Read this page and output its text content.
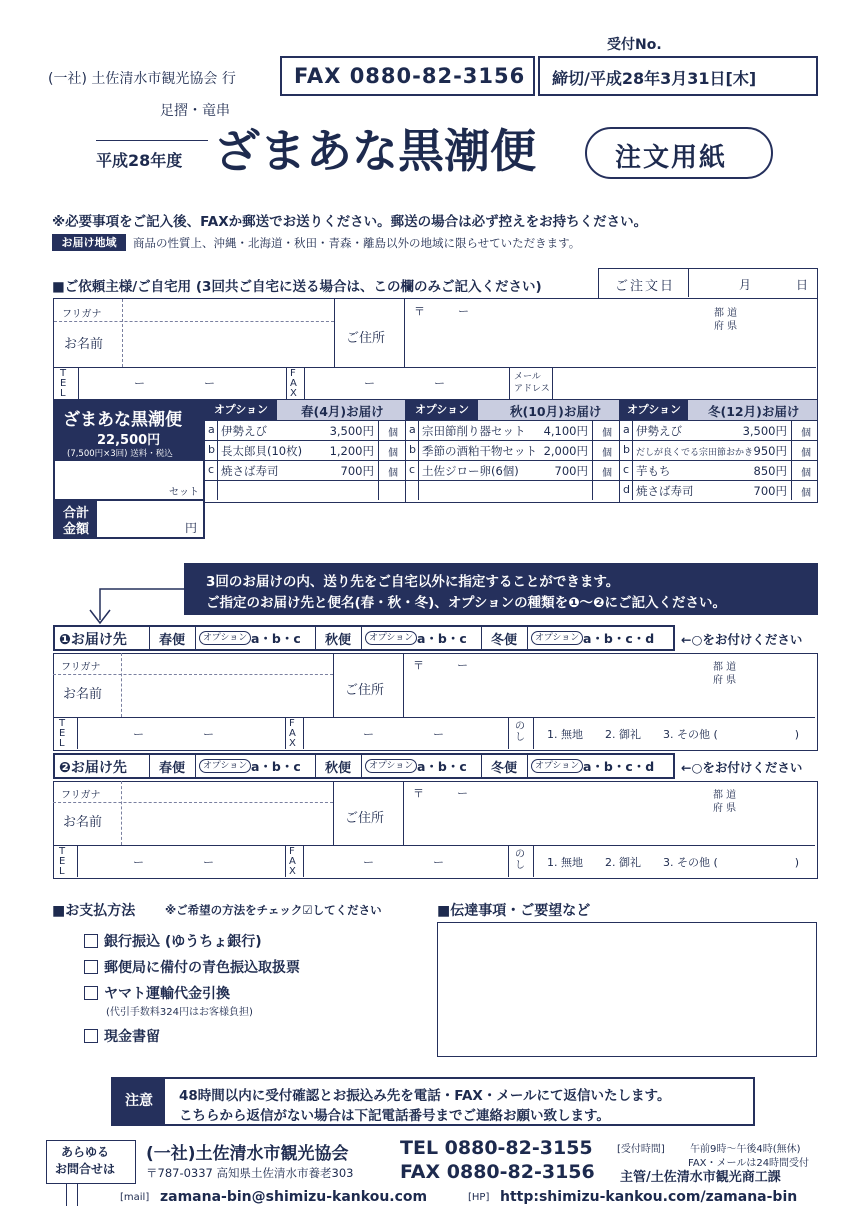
受付No.
(一社) 土佐清水市観光協会 行	FAX 0880-82-3156 締切/平成28年3月31日[木]
足摺・竜串
平成28年度 ざまあな黒潮便	注文用紙
※必要事項をご記入後、FAXか郵送でお送りください。郵送の場合は必ず控えをお持ちください。
お届け地域	商品の性質上、沖縄・北海道・秋田・青森・離島以外の地域に限らせていただきます。
■ご依頼主様/ご自宅用 (3回共ご自宅に送る場合は、この欄のみご記入ください)	ご注文日	月	日
フリガナ
お名前	ご住所
〒　　　ー	都 道
府 県
T E L
ー	ー
F A X
ー	ー	メール
アドレス
ざまあな黒潮便
22,500円
(7,500円×3回) 送料・税込
セット
合計
金額	円
オプション	春(4月)お届け
a 伊勢えび	3,500円 個
b 長太郎貝(10枚) 1,200円 個
c 焼さば寿司	700円 個
オプション	秋(10月)お届け
a 宗田節削り器セット 4,100円 個
b 季節の酒粕干物セット 2,000円 個
c 土佐ジロー卵(6個)	700円 個
オプション	冬(12月)お届け
a 伊勢えび	3,500円 個
b だしが良くでる宗田節おかき 950円 個
c 芋もち	850円 個
d 焼さば寿司	700円 個
3回のお届けの内、送り先をご自宅以外に指定することができます。
ご指定のお届け先と便名(春・秋・冬)、オプションの種類を❶〜❷にご記入ください。
❶お届け先 春便	オプション a・b・c 秋便	オプション a・b・c 冬便	オプション a・b・c・d ←○をお付けください
フリガナ
お名前	ご住所
〒　　　ー	都 道
府 県
T E L
ー	ー
F A X
ー	ー
のし 1. 無地　　2. 御礼　　3. その他 (　　　　　　　)
❷お届け先 春便	オプション a・b・c 秋便	オプション a・b・c 冬便	オプション a・b・c・d ←○をお付けください
フリガナ
お名前	ご住所
〒　　　ー	都 道
府 県
T E L
ー	ー
F A X
ー	ー
のし 1. 無地　　2. 御礼　　3. その他 (　　　　　　　)
■お支払方法	※ご希望の方法をチェック☑してください
銀行振込 (ゆうちょ銀行)
郵便局に備付の青色振込取扱票
ヤマト運輸代金引換
(代引手数料324円はお客様負担)
現金書留
■伝達事項・ご要望など
注意	48時間以内に受付確認とお振込み先を電話・FAX・メールにて返信いたします。
こちらから返信がない場合は下記電話番号までご連絡お願い致します。
あらゆる
お問合せは
(一社)土佐清水市観光協会
〒787-0337 高知県土佐清水市養老303
TEL 0880-82-3155
FAX 0880-82-3156
[受付時間]	午前9時〜午後4時(無休)
FAX・メールは24時間受付
主管/土佐清水市観光商工課
[mail] zamana-bin@shimizu-kankou.com	[HP] http:shimizu-kankou.com/zamana-bin
